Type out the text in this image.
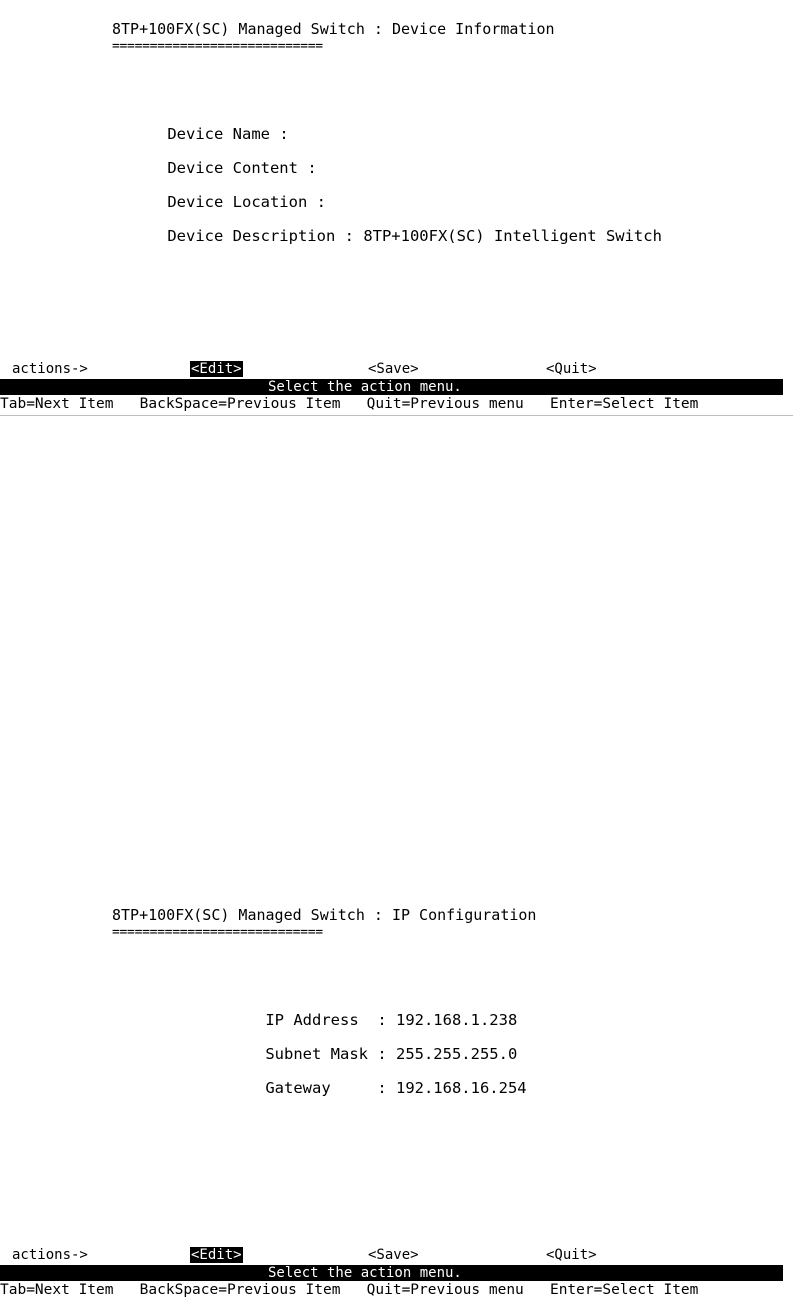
8TP+100FX(SC) Managed Switch : Device Information
============================

Device Name :

Device Content :

Device Location :

Device Description : 8TP+100FX(SC) Intelligent Switch

actions->	<Edit>	<Save>	<Quit>
Select the action menu.
Tab=Next Item   BackSpace=Previous Item   Quit=Previous menu   Enter=Select Item
8TP+100FX(SC) Managed Switch : IP Configuration
============================

IP Address  : 192.168.1.238

Subnet Mask : 255.255.255.0

Gateway     : 192.168.16.254

actions->	<Edit>	<Save>	<Quit>
Select the action menu.
Tab=Next Item   BackSpace=Previous Item   Quit=Previous menu   Enter=Select Item
